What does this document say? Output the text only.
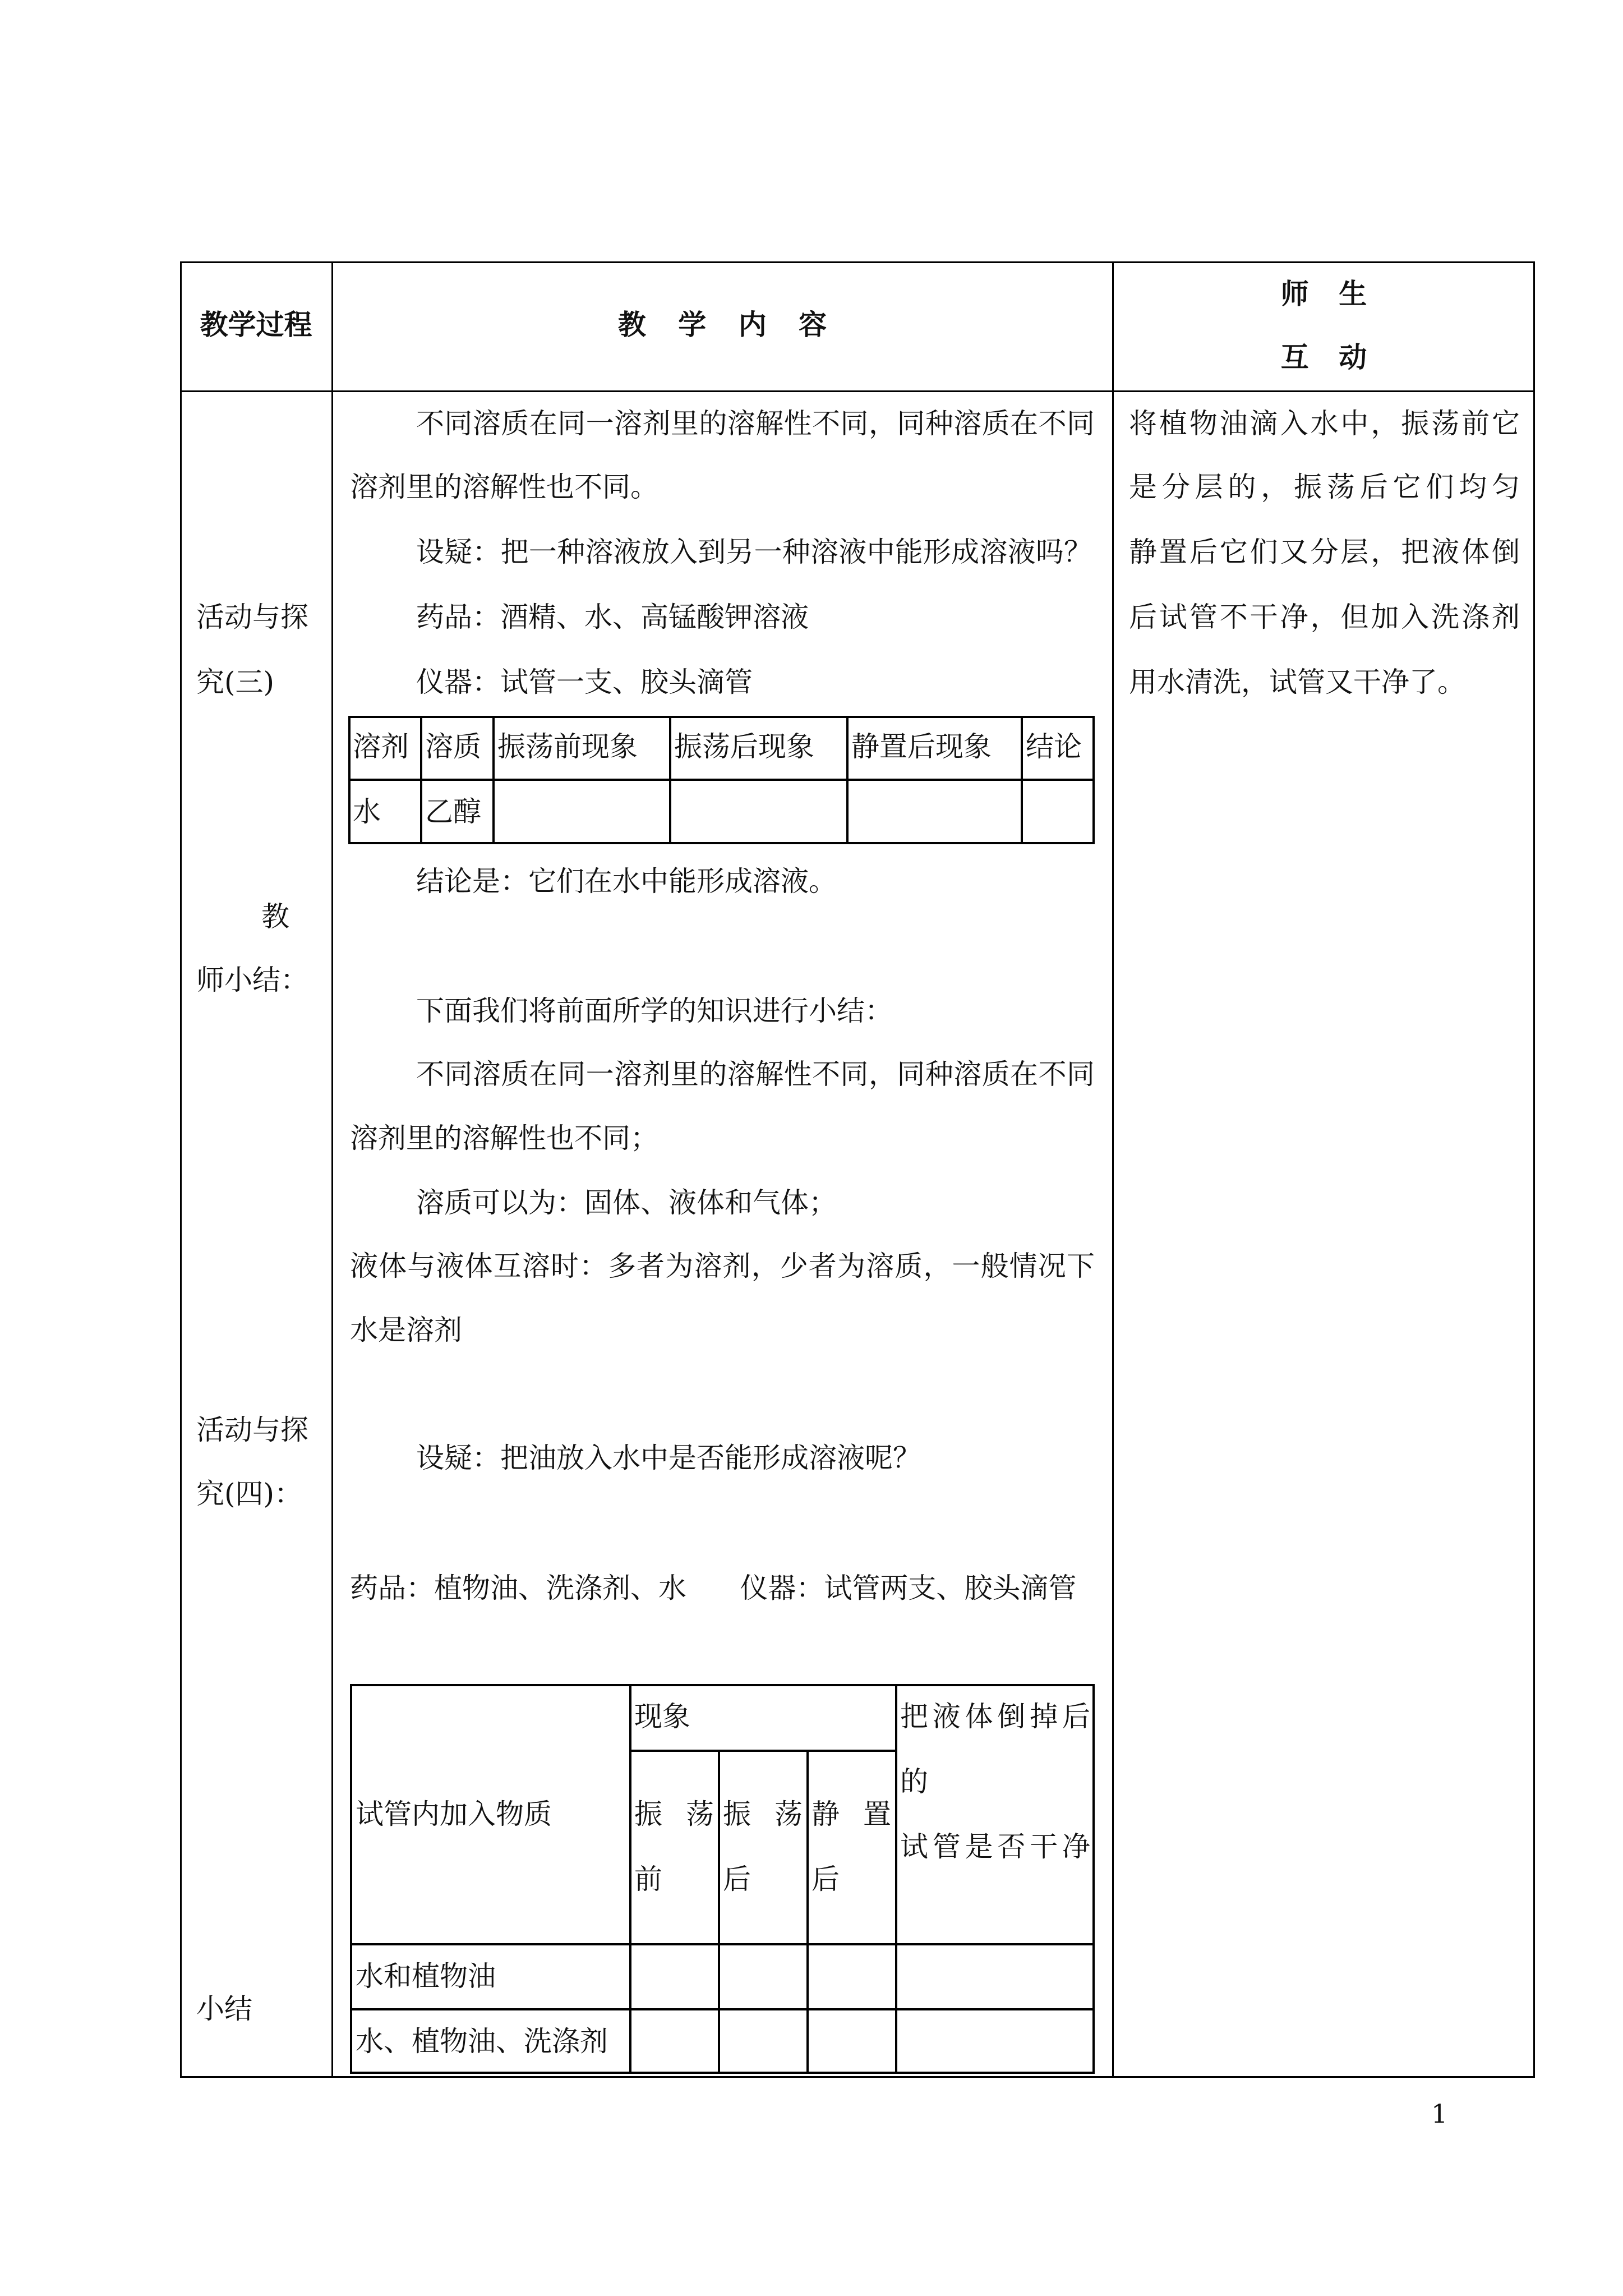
教学过程	教 学 内 容
师 生
互 动
活动与探
究(三)
教
师小结：
活动与探
究(四)：
小结
不同溶质在同一溶剂里的溶解性不同，同种溶质在不同
溶剂里的溶解性也不同。
设疑：把一种溶液放入到另一种溶液中能形成溶液吗？
药品：酒精、水、高锰酸钾溶液
仪器：试管一支、胶头滴管
溶剂 溶质 振荡前现象 振荡后现象 静置后现象 结论
水 乙醇
结论是：它们在水中能形成溶液。
下面我们将前面所学的知识进行小结：
不同溶质在同一溶剂里的溶解性不同，同种溶质在不同
溶剂里的溶解性也不同；
溶质可以为：固体、液体和气体；
液体与液体互溶时：多者为溶剂，少者为溶质，一般情况下
水是溶剂
设疑：把油放入水中是否能形成溶液呢？
药品：植物油、洗涤剂、水      仪器：试管两支、胶头滴管
现象
试管内加入物质	振 荡
前
振 荡
后
静 置
后
把液体倒掉后
的
试管是否干净
水和植物油
水、植物油、洗涤剂
将植物油滴入水中，振荡前它
是分层的，振荡后它们均匀
静置后它们又分层，把液体倒
后试管不干净，但加入洗涤剂
用水清洗，试管又干净了。
1
